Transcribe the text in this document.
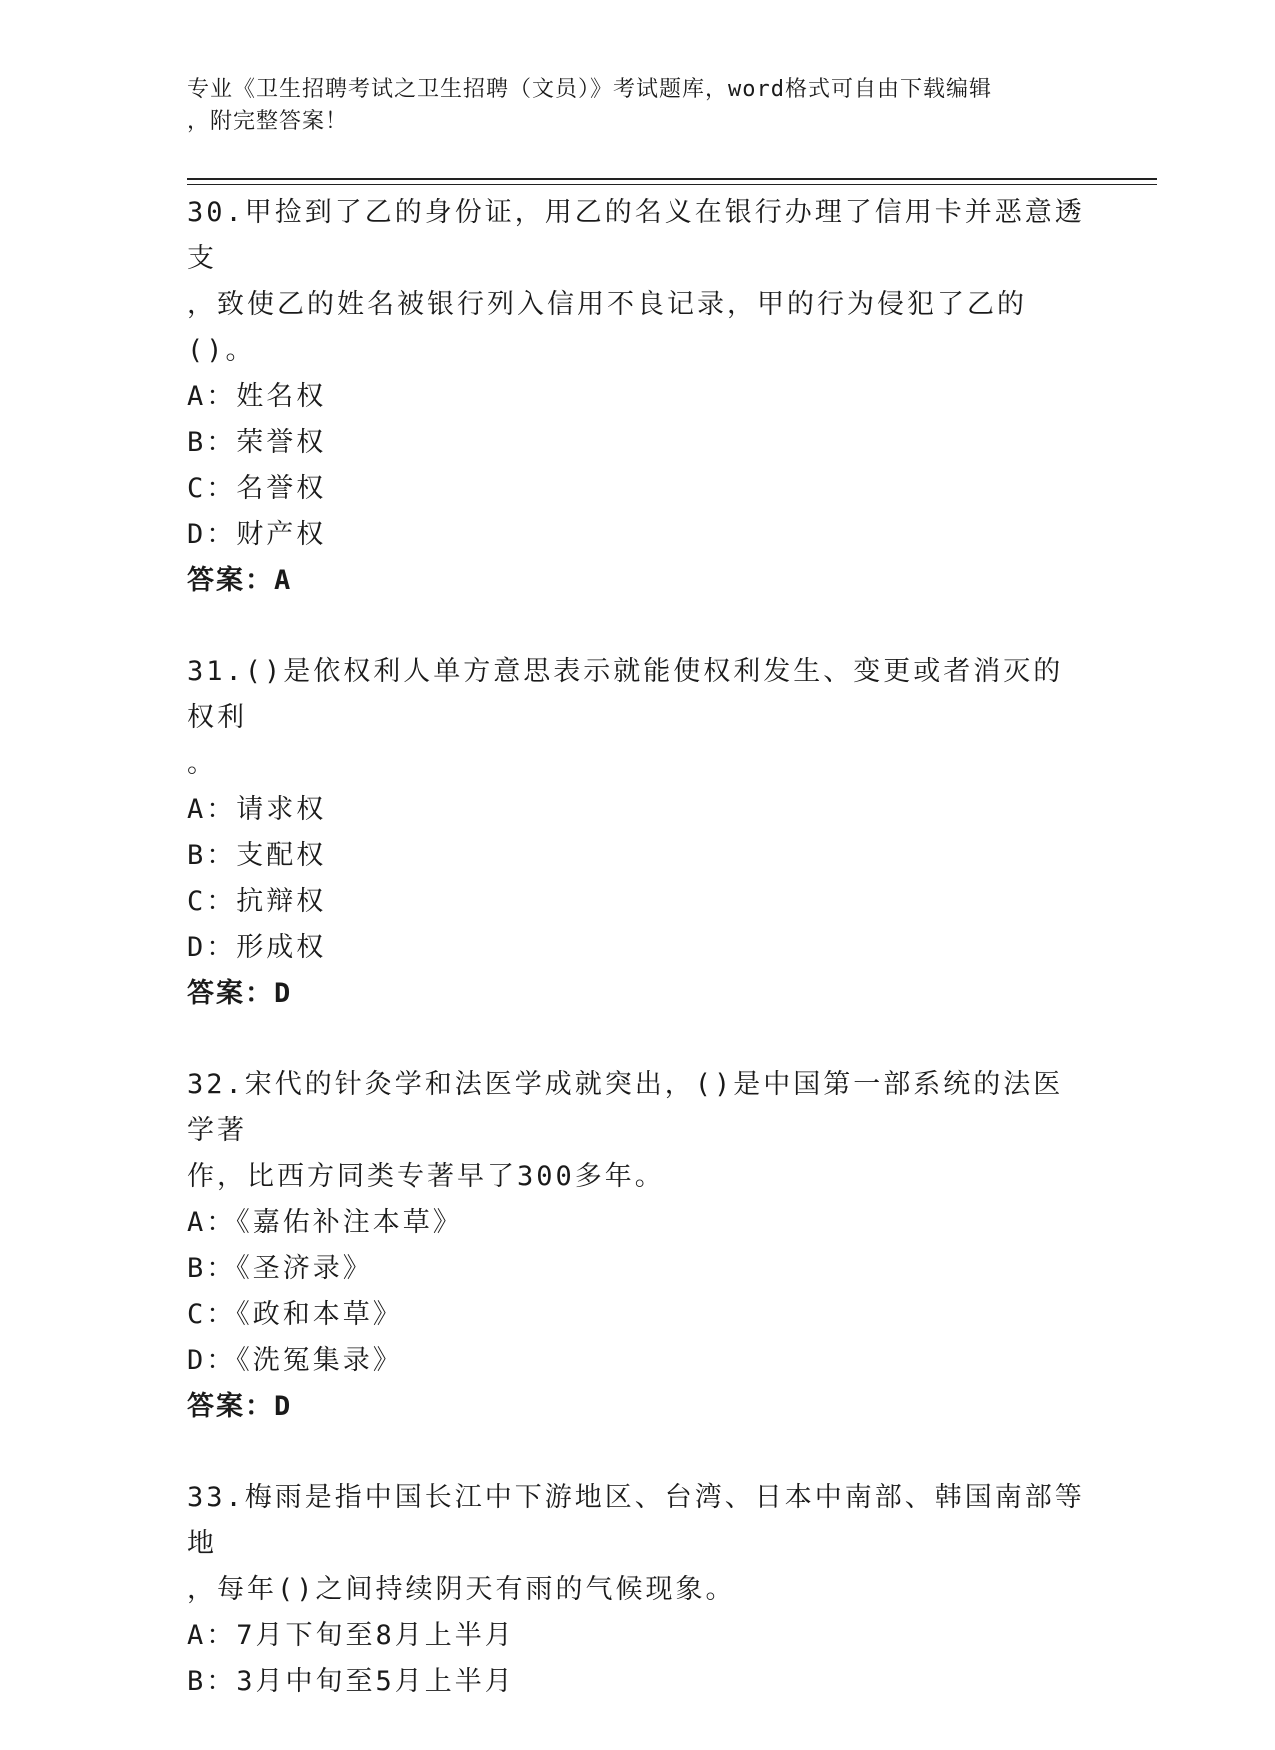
专业《卫生招聘考试之卫生招聘（文员）》考试题库，word格式可自由下载编辑
，附完整答案！
30.甲捡到了乙的身份证，用乙的名义在银行办理了信用卡并恶意透支
，致使乙的姓名被银行列入信用不良记录，甲的行为侵犯了乙的()。
A：姓名权
B：荣誉权
C：名誉权
D：财产权
答案：A
31.()是依权利人单方意思表示就能使权利发生、变更或者消灭的权利
。
A：请求权
B：支配权
C：抗辩权
D：形成权
答案：D
32.宋代的针灸学和法医学成就突出，()是中国第一部系统的法医学著
作，比西方同类专著早了300多年。
A：《嘉佑补注本草》
B：《圣济录》
C：《政和本草》
D：《洗冤集录》
答案：D
33.梅雨是指中国长江中下游地区、台湾、日本中南部、韩国南部等地
，每年()之间持续阴天有雨的气候现象。
A：7月下旬至8月上半月
B：3月中旬至5月上半月
